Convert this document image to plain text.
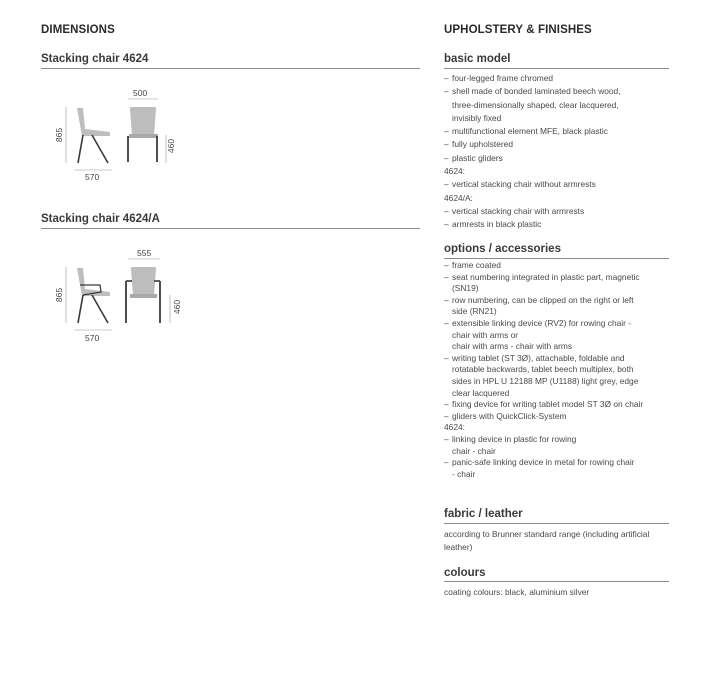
DIMENSIONS
Stacking chair 4624
500
865
460
570
Stacking chair 4624/A
555
865
460
570
UPHOLSTERY & FINISHES
basic model
– four-legged frame chromed
– shell made of bonded laminated beech wood,
three-dimensionally shaped, clear lacquered,
invisibly fixed
– multifunctional element MFE, black plastic
– fully upholstered
– plastic gliders
4624:
– vertical stacking chair without armrests
4624/A:
– vertical stacking chair with armrests
– armrests in black plastic
options / accessories
– frame coated
– seat numbering integrated in plastic part, magnetic
(SN19)
– row numbering, can be clipped on the right or left
side (RN21)
– extensible linking device (RV2) for rowing chair -
chair with arms or
chair with arms - chair with arms
– writing tablet (ST 3Ø), attachable, foldable and
rotatable backwards, tablet beech multiplex, both
sides in HPL U 12188 MP (U1188) light grey, edge
clear lacquered
– fixing device for writing tablet model ST 3Ø on chair
– gliders with QuickClick-System
4624:
– linking device in plastic for rowing
chair - chair
– panic-safe linking device in metal for rowing chair
- chair
fabric / leather
according to Brunner standard range (including artificial leather)
colours
coating colours: black, aluminium silver
